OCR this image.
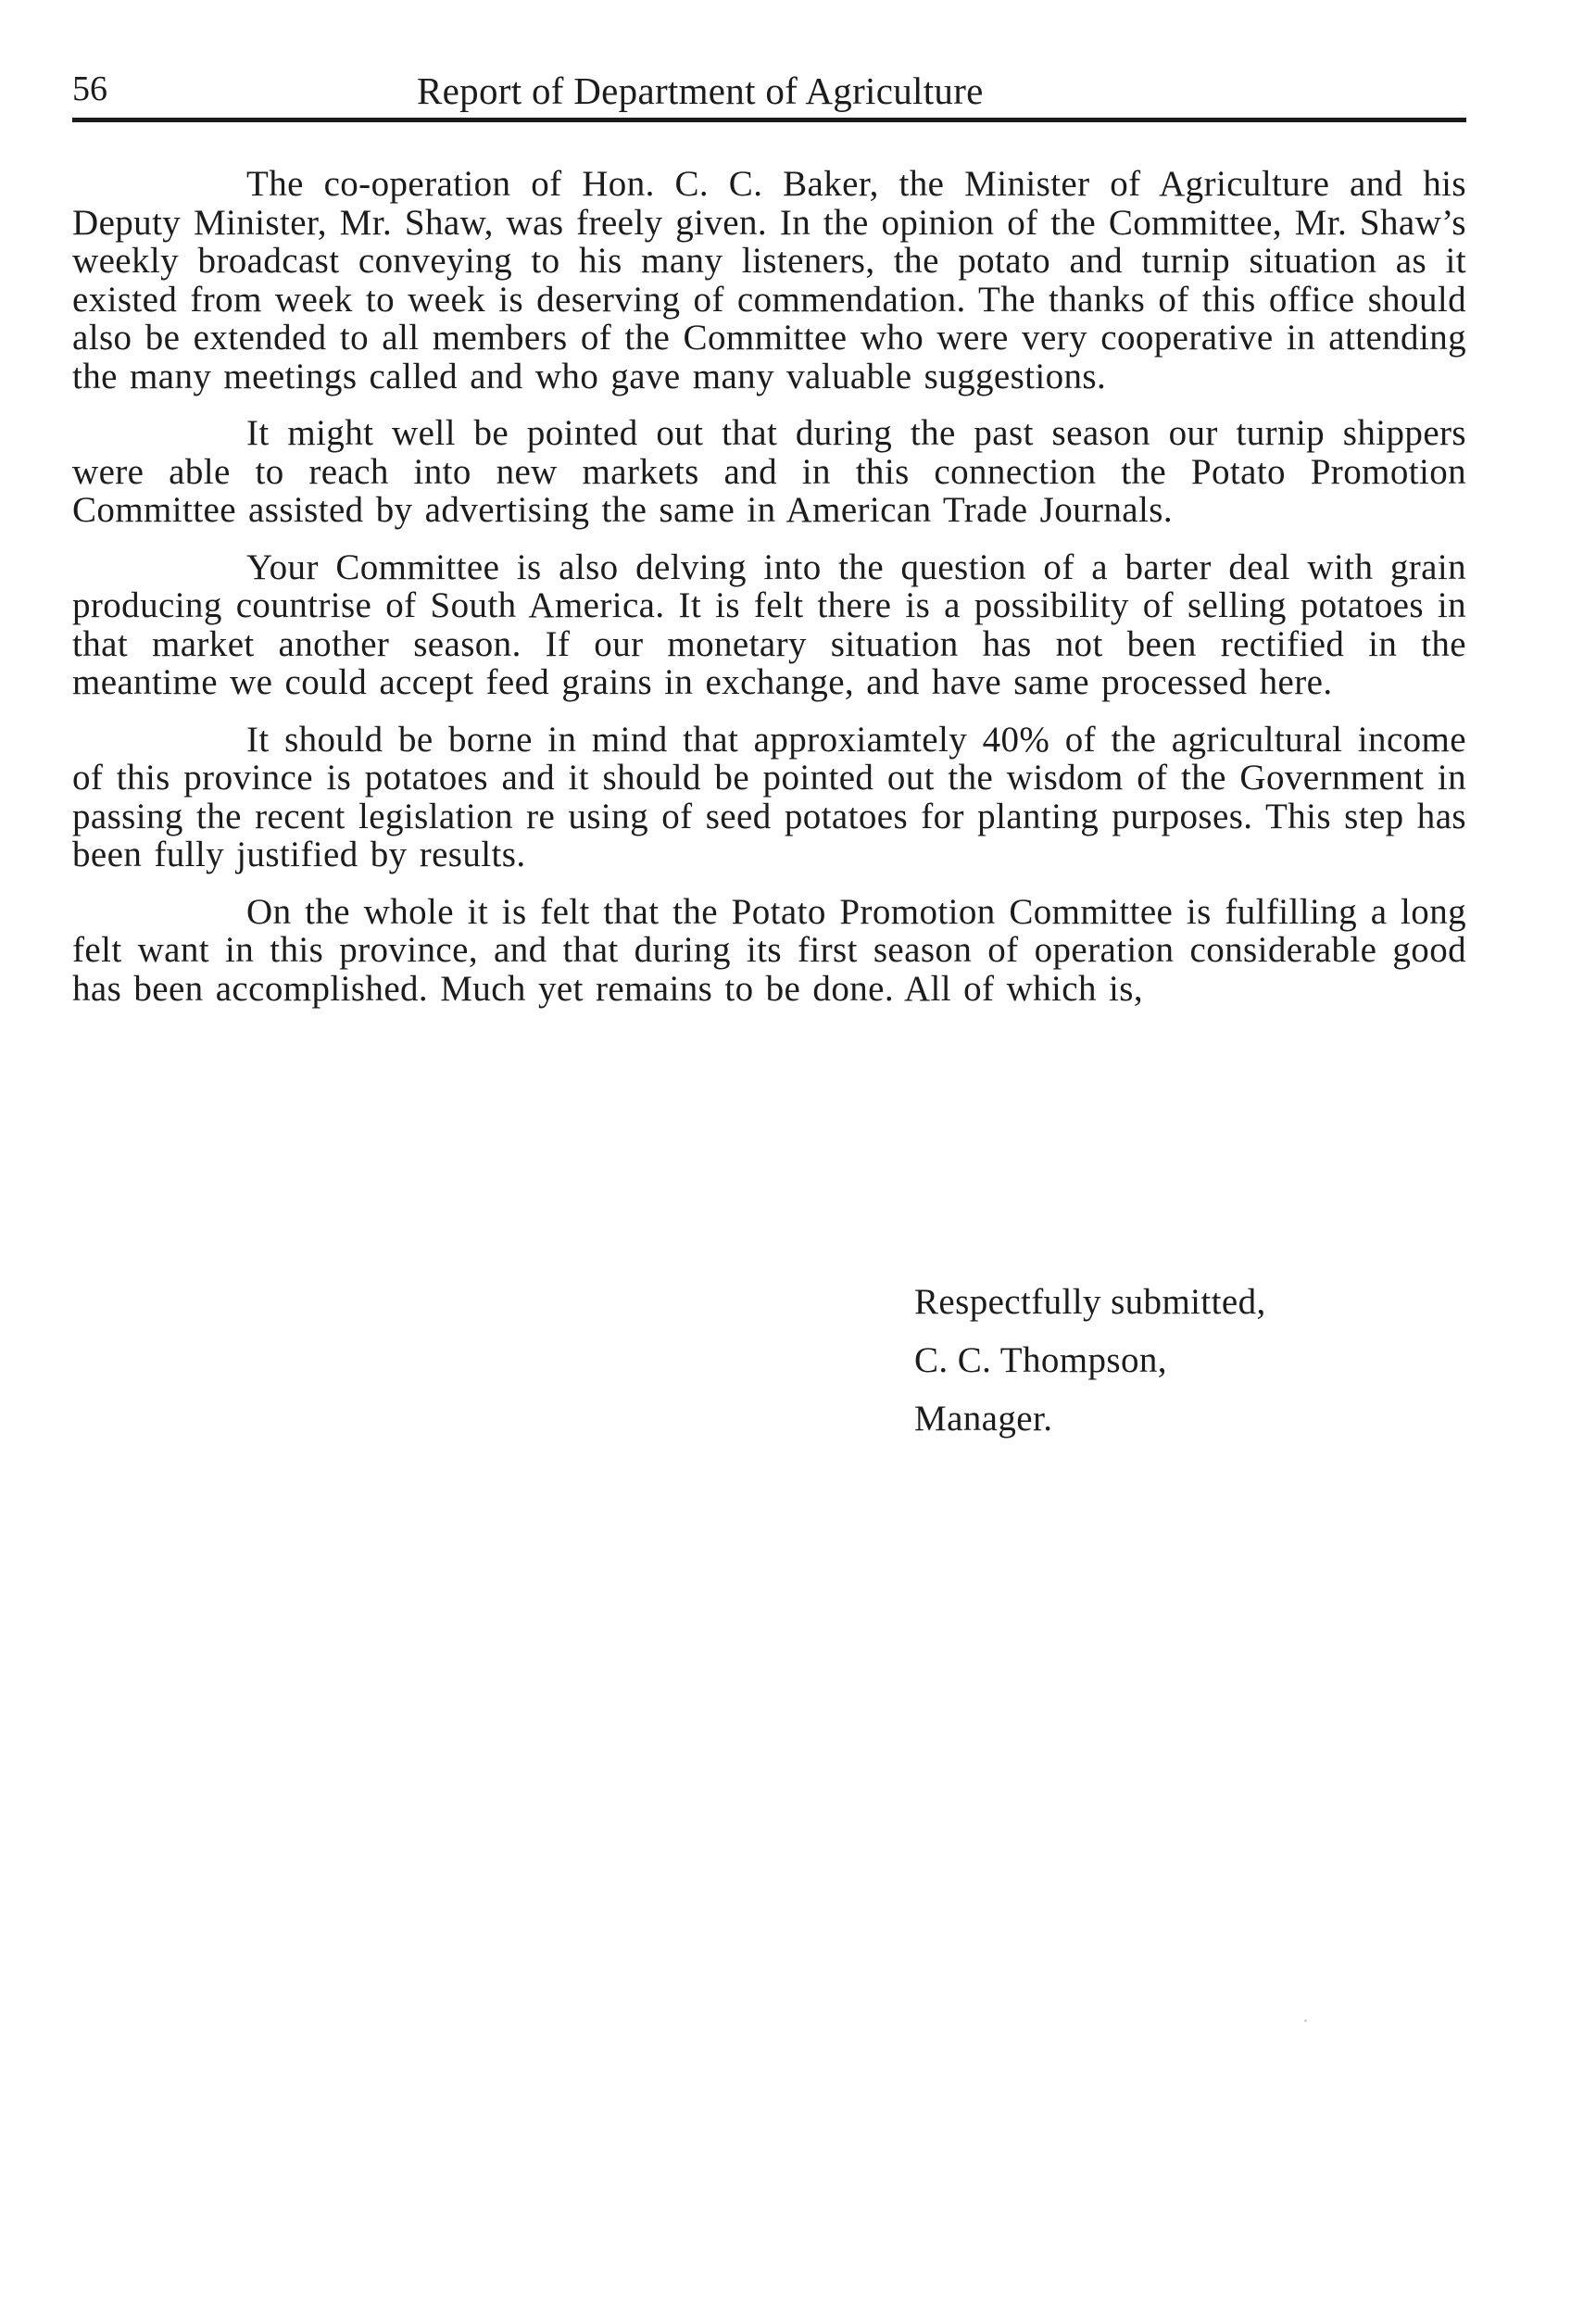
56	Report of Department of Agriculture

The co-operation of Hon. C. C. Baker, the Minister of Agriculture and his Deputy Minister, Mr. Shaw, was freely given. In the opinion of the Committee, Mr. Shaw’s weekly broadcast conveying to his many listeners, the potato and turnip situation as it existed from week to week is deserving of commendation. The thanks of this office should also be extended to all members of the Committee who were very cooperative in attending the many meetings called and who gave many valuable suggestions.

It might well be pointed out that during the past season our turnip shippers were able to reach into new markets and in this connection the Potato Promotion Committee assisted by advertising the same in American Trade Journals.

Your Committee is also delving into the question of a barter deal with grain producing countrise of South America. It is felt there is a possibility of selling potatoes in that market another season. If our monetary situation has not been rectified in the meantime we could accept feed grains in exchange, and have same processed here.

It should be borne in mind that approxiamtely 40% of the agricultural income of this province is potatoes and it should be pointed out the wisdom of the Government in passing the recent legislation re using of seed potatoes for planting purposes. This step has been fully justified by results.

On the whole it is felt that the Potato Promotion Committee is fulfilling a long felt want in this province, and that during its first season of operation considerable good has been accomplished. Much yet remains to be done. All of which is,

Respectfully submitted,

C. C. Thompson,

Manager.
